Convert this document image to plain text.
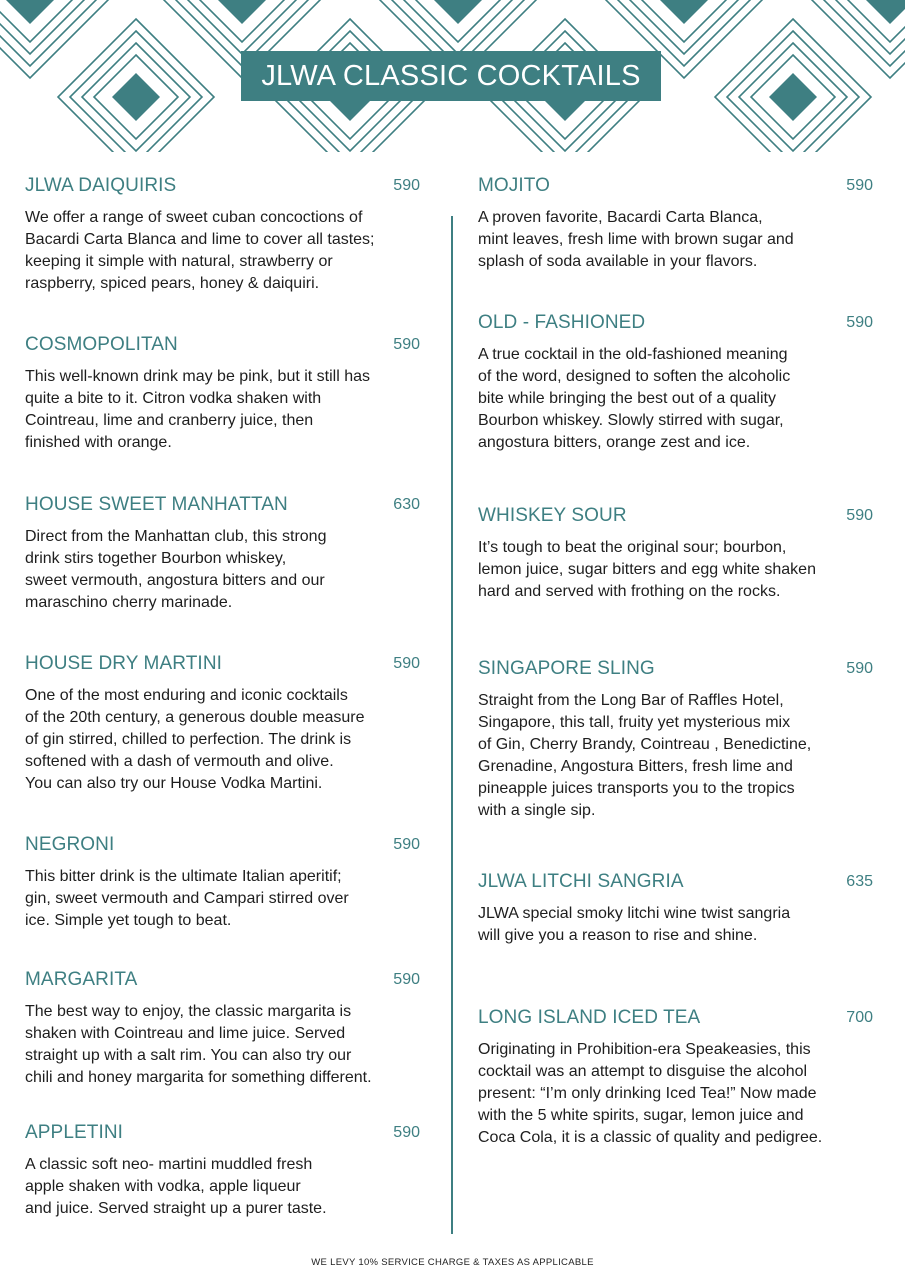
JLWA CLASSIC COCKTAILS
JLWA DAIQUIRIS	590

We offer a range of sweet cuban concoctions of
Bacardi Carta Blanca and lime to cover all tastes;
keeping it simple with natural, strawberry or
raspberry, spiced pears, honey & daiquiri.

COSMOPOLITAN	590

This well-known drink may be pink, but it still has
quite a bite to it. Citron vodka shaken with
Cointreau, lime and cranberry juice, then
finished with orange.

HOUSE SWEET MANHATTAN	630

Direct from the Manhattan club, this strong
drink stirs together Bourbon whiskey,
sweet vermouth, angostura bitters and our
maraschino cherry marinade.

HOUSE DRY MARTINI	590

One of the most enduring and iconic cocktails
of the 20th century, a generous double measure
of gin stirred, chilled to perfection. The drink is
softened with a dash of vermouth and olive.
You can also try our House Vodka Martini.

NEGRONI	590

This bitter drink is the ultimate Italian aperitif;
gin, sweet vermouth and Campari stirred over
ice. Simple yet tough to beat.

MARGARITA	590

The best way to enjoy, the classic margarita is
shaken with Cointreau and lime juice. Served
straight up with a salt rim. You can also try our
chili and honey margarita for something different.

APPLETINI	590

A classic soft neo- martini muddled fresh
apple shaken with vodka, apple liqueur
and juice. Served straight up a purer taste.

MOJITO	590

A proven favorite, Bacardi Carta Blanca,
mint leaves, fresh lime with brown sugar and
splash of soda available in your flavors.

OLD - FASHIONED	590

A true cocktail in the old-fashioned meaning
of the word, designed to soften the alcoholic
bite while bringing the best out of a quality
Bourbon whiskey. Slowly stirred with sugar,
angostura bitters, orange zest and ice.

WHISKEY SOUR	590

It’s tough to beat the original sour; bourbon,
lemon juice, sugar bitters and egg white shaken
hard and served with frothing on the rocks.

SINGAPORE SLING	590

Straight from the Long Bar of Raffles Hotel,
Singapore, this tall, fruity yet mysterious mix
of Gin, Cherry Brandy, Cointreau , Benedictine,
Grenadine, Angostura Bitters, fresh lime and
pineapple juices transports you to the tropics
with a single sip.

JLWA LITCHI SANGRIA	635

JLWA special smoky litchi wine twist sangria
will give you a reason to rise and shine.

LONG ISLAND ICED TEA	700

Originating in Prohibition-era Speakeasies, this
cocktail was an attempt to disguise the alcohol
present: “I’m only drinking Iced Tea!” Now made
with the 5 white spirits, sugar, lemon juice and
Coca Cola, it is a classic of quality and pedigree.

WE LEVY 10% SERVICE CHARGE & TAXES AS APPLICABLE
